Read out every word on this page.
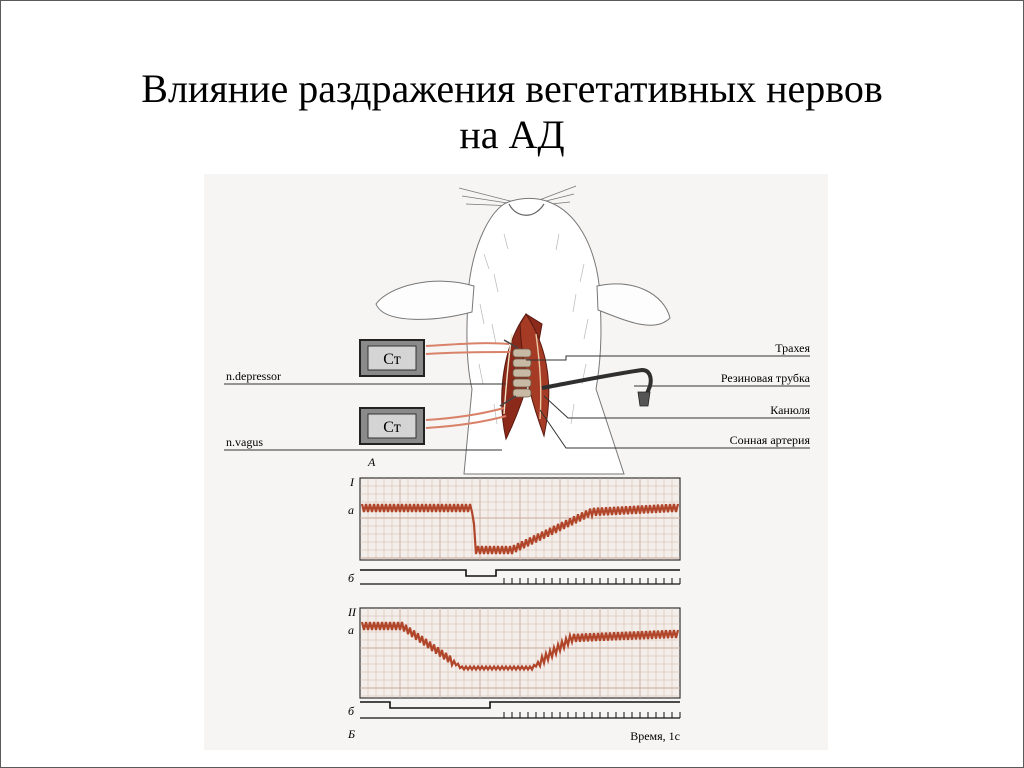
Влияние раздражения вегетативных нервов
на АД
Ст
Ст
n.depressor
n.vagus
Трахея
Резиновая трубка
Канюля
Сонная артерия
А
I
а
б
II
а
б
Б	Время, 1с
